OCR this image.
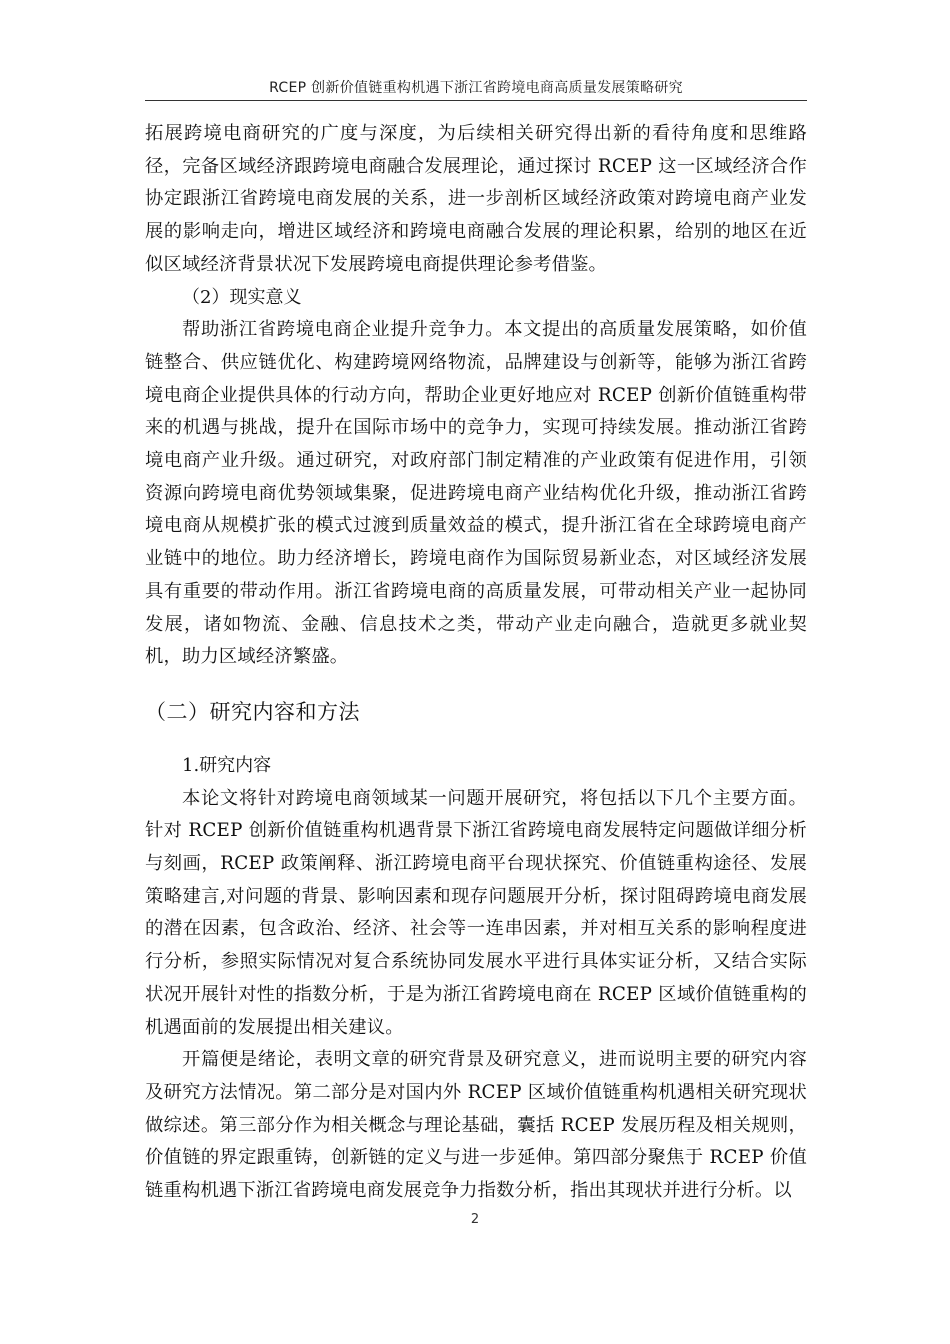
RCEP 创新价值链重构机遇下浙江省跨境电商高质量发展策略研究

拓展跨境电商研究的广度与深度，为后续相关研究得出新的看待角度和思维路径，完备区域经济跟跨境电商融合发展理论，通过探讨 RCEP 这一区域经济合作协定跟浙江省跨境电商发展的关系，进一步剖析区域经济政策对跨境电商产业发展的影响走向，增进区域经济和跨境电商融合发展的理论积累，给别的地区在近似区域经济背景状况下发展跨境电商提供理论参考借鉴。

（2）现实意义

帮助浙江省跨境电商企业提升竞争力。本文提出的高质量发展策略，如价值链整合、供应链优化、构建跨境网络物流，品牌建设与创新等，能够为浙江省跨境电商企业提供具体的行动方向，帮助企业更好地应对 RCEP 创新价值链重构带来的机遇与挑战，提升在国际市场中的竞争力，实现可持续发展。推动浙江省跨境电商产业升级。通过研究，对政府部门制定精准的产业政策有促进作用，引领资源向跨境电商优势领域集聚，促进跨境电商产业结构优化升级，推动浙江省跨境电商从规模扩张的模式过渡到质量效益的模式，提升浙江省在全球跨境电商产业链中的地位。助力经济增长，跨境电商作为国际贸易新业态，对区域经济发展具有重要的带动作用。浙江省跨境电商的高质量发展，可带动相关产业一起协同发展，诸如物流、金融、信息技术之类，带动产业走向融合，造就更多就业契机，助力区域经济繁盛。

（二）研究内容和方法

1.研究内容

本论文将针对跨境电商领域某一问题开展研究，将包括以下几个主要方面。针对 RCEP 创新价值链重构机遇背景下浙江省跨境电商发展特定问题做详细分析与刻画，RCEP 政策阐释、浙江跨境电商平台现状探究、价值链重构途径、发展策略建言,对问题的背景、影响因素和现存问题展开分析，探讨阻碍跨境电商发展的潜在因素，包含政治、经济、社会等一连串因素，并对相互关系的影响程度进行分析，参照实际情况对复合系统协同发展水平进行具体实证分析，又结合实际状况开展针对性的指数分析，于是为浙江省跨境电商在 RCEP 区域价值链重构的机遇面前的发展提出相关建议。

开篇便是绪论，表明文章的研究背景及研究意义，进而说明主要的研究内容及研究方法情况。第二部分是对国内外 RCEP 区域价值链重构机遇相关研究现状做综述。第三部分作为相关概念与理论基础，囊括 RCEP 发展历程及相关规则，价值链的界定跟重铸，创新链的定义与进一步延伸。第四部分聚焦于 RCEP 价值链重构机遇下浙江省跨境电商发展竞争力指数分析，指出其现状并进行分析。以

2
